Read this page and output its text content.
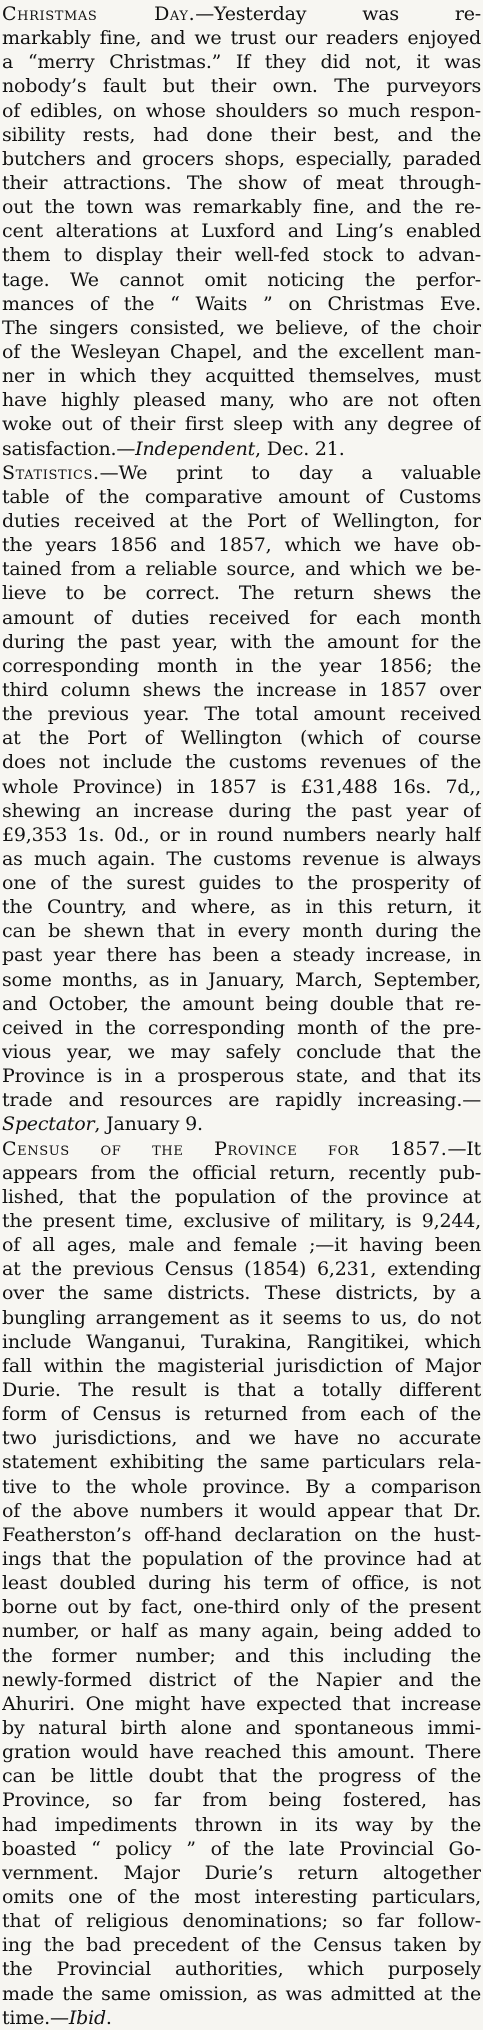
Christmas Day.—Yesterday was re-
markably fine, and we trust our readers enjoyed
a “merry Christmas.” If they did not, it was
nobody’s fault but their own. The purveyors
of edibles, on whose shoulders so much respon-
sibility rests, had done their best, and the
butchers and grocers shops, especially, paraded
their attractions. The show of meat through-
out the town was remarkably fine, and the re-
cent alterations at Luxford and Ling’s enabled
them to display their well-fed stock to advan-
tage. We cannot omit noticing the perfor-
mances of the “ Waits ” on Christmas Eve.
The singers consisted, we believe, of the choir
of the Wesleyan Chapel, and the excellent man-
ner in which they acquitted themselves, must
have highly pleased many, who are not often
woke out of their first sleep with any degree of
satisfaction.—Independent, Dec. 21.
Statistics.—We print to day a valuable
table of the comparative amount of Customs
duties received at the Port of Wellington, for
the years 1856 and 1857, which we have ob-
tained from a reliable source, and which we be-
lieve to be correct. The return shews the
amount of duties received for each month
during the past year, with the amount for the
corresponding month in the year 1856; the
third column shews the increase in 1857 over
the previous year. The total amount received
at the Port of Wellington (which of course
does not include the customs revenues of the
whole Province) in 1857 is £31,488 16s. 7d,,
shewing an increase during the past year of
£9,353 1s. 0d., or in round numbers nearly half
as much again. The customs revenue is always
one of the surest guides to the prosperity of
the Country, and where, as in this return, it
can be shewn that in every month during the
past year there has been a steady increase, in
some months, as in January, March, September,
and October, the amount being double that re-
ceived in the corresponding month of the pre-
vious year, we may safely conclude that the
Province is in a prosperous state, and that its
trade and resources are rapidly increasing.—
Spectator, January 9.
Census of the Province for 1857.—It
appears from the official return, recently pub-
lished, that the population of the province at
the present time, exclusive of military, is 9,244,
of all ages, male and female ;—it having been
at the previous Census (1854) 6,231, extending
over the same districts. These districts, by a
bungling arrangement as it seems to us, do not
include Wanganui, Turakina, Rangitikei, which
fall within the magisterial jurisdiction of Major
Durie. The result is that a totally different
form of Census is returned from each of the
two jurisdictions, and we have no accurate
statement exhibiting the same particulars rela-
tive to the whole province. By a comparison
of the above numbers it would appear that Dr.
Featherston’s off-hand declaration on the hust-
ings that the population of the province had at
least doubled during his term of office, is not
borne out by fact, one-third only of the present
number, or half as many again, being added to
the former number; and this including the
newly-formed district of the Napier and the
Ahuriri. One might have expected that increase
by natural birth alone and spontaneous immi-
gration would have reached this amount. There
can be little doubt that the progress of the
Province, so far from being fostered, has
had impediments thrown in its way by the
boasted “ policy ” of the late Provincial Go-
vernment. Major Durie’s return altogether
omits one of the most interesting particulars,
that of religious denominations; so far follow-
ing the bad precedent of the Census taken by
the Provincial authorities, which purposely
made the same omission, as was admitted at the
time.—Ibid.
